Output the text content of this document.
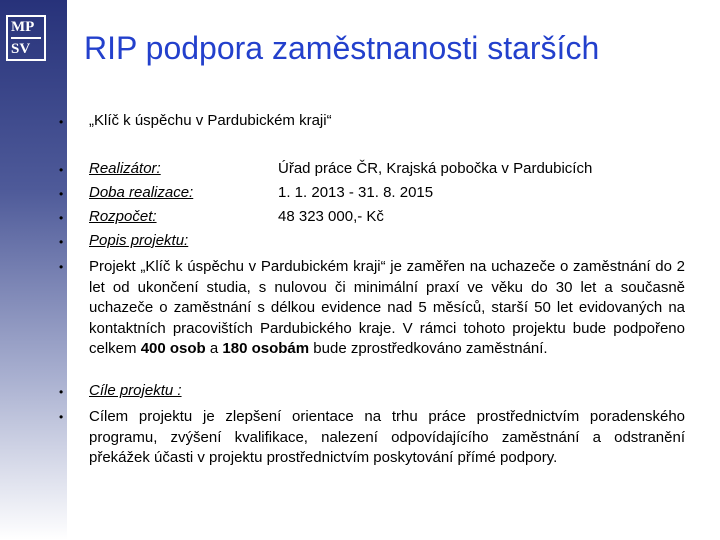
MP
SV RIP podpora zaměstnanosti starších
• „Klíč k úspěchu v Pardubickém kraji“
• Realizátor:	Úřad práce ČR, Krajská pobočka v Pardubicích
• Doba realizace:	1. 1. 2013 - 31. 8. 2015
• Rozpočet:	48 323 000,- Kč
• Popis projektu:
• Projekt „Klíč k úspěchu v Pardubickém kraji“ je zaměřen na uchazeče o zaměstnání do 2 let od ukončení studia, s nulovou či minimální praxí ve věku do 30 let a současně uchazeče o zaměstnání s délkou evidence nad 5 měsíců, starší 50 let evidovaných na kontaktních pracovištích Pardubického kraje. V rámci tohoto projektu bude podpořeno celkem 400 osob a 180 osobám bude zprostředkováno zaměstnání.
• Cíle projektu :
• Cílem projektu je zlepšení orientace na trhu práce prostřednictvím poradenského programu, zvýšení kvalifikace, nalezení odpovídajícího zaměstnání a odstranění překážek účasti v projektu prostřednictvím poskytování přímé podpory.
